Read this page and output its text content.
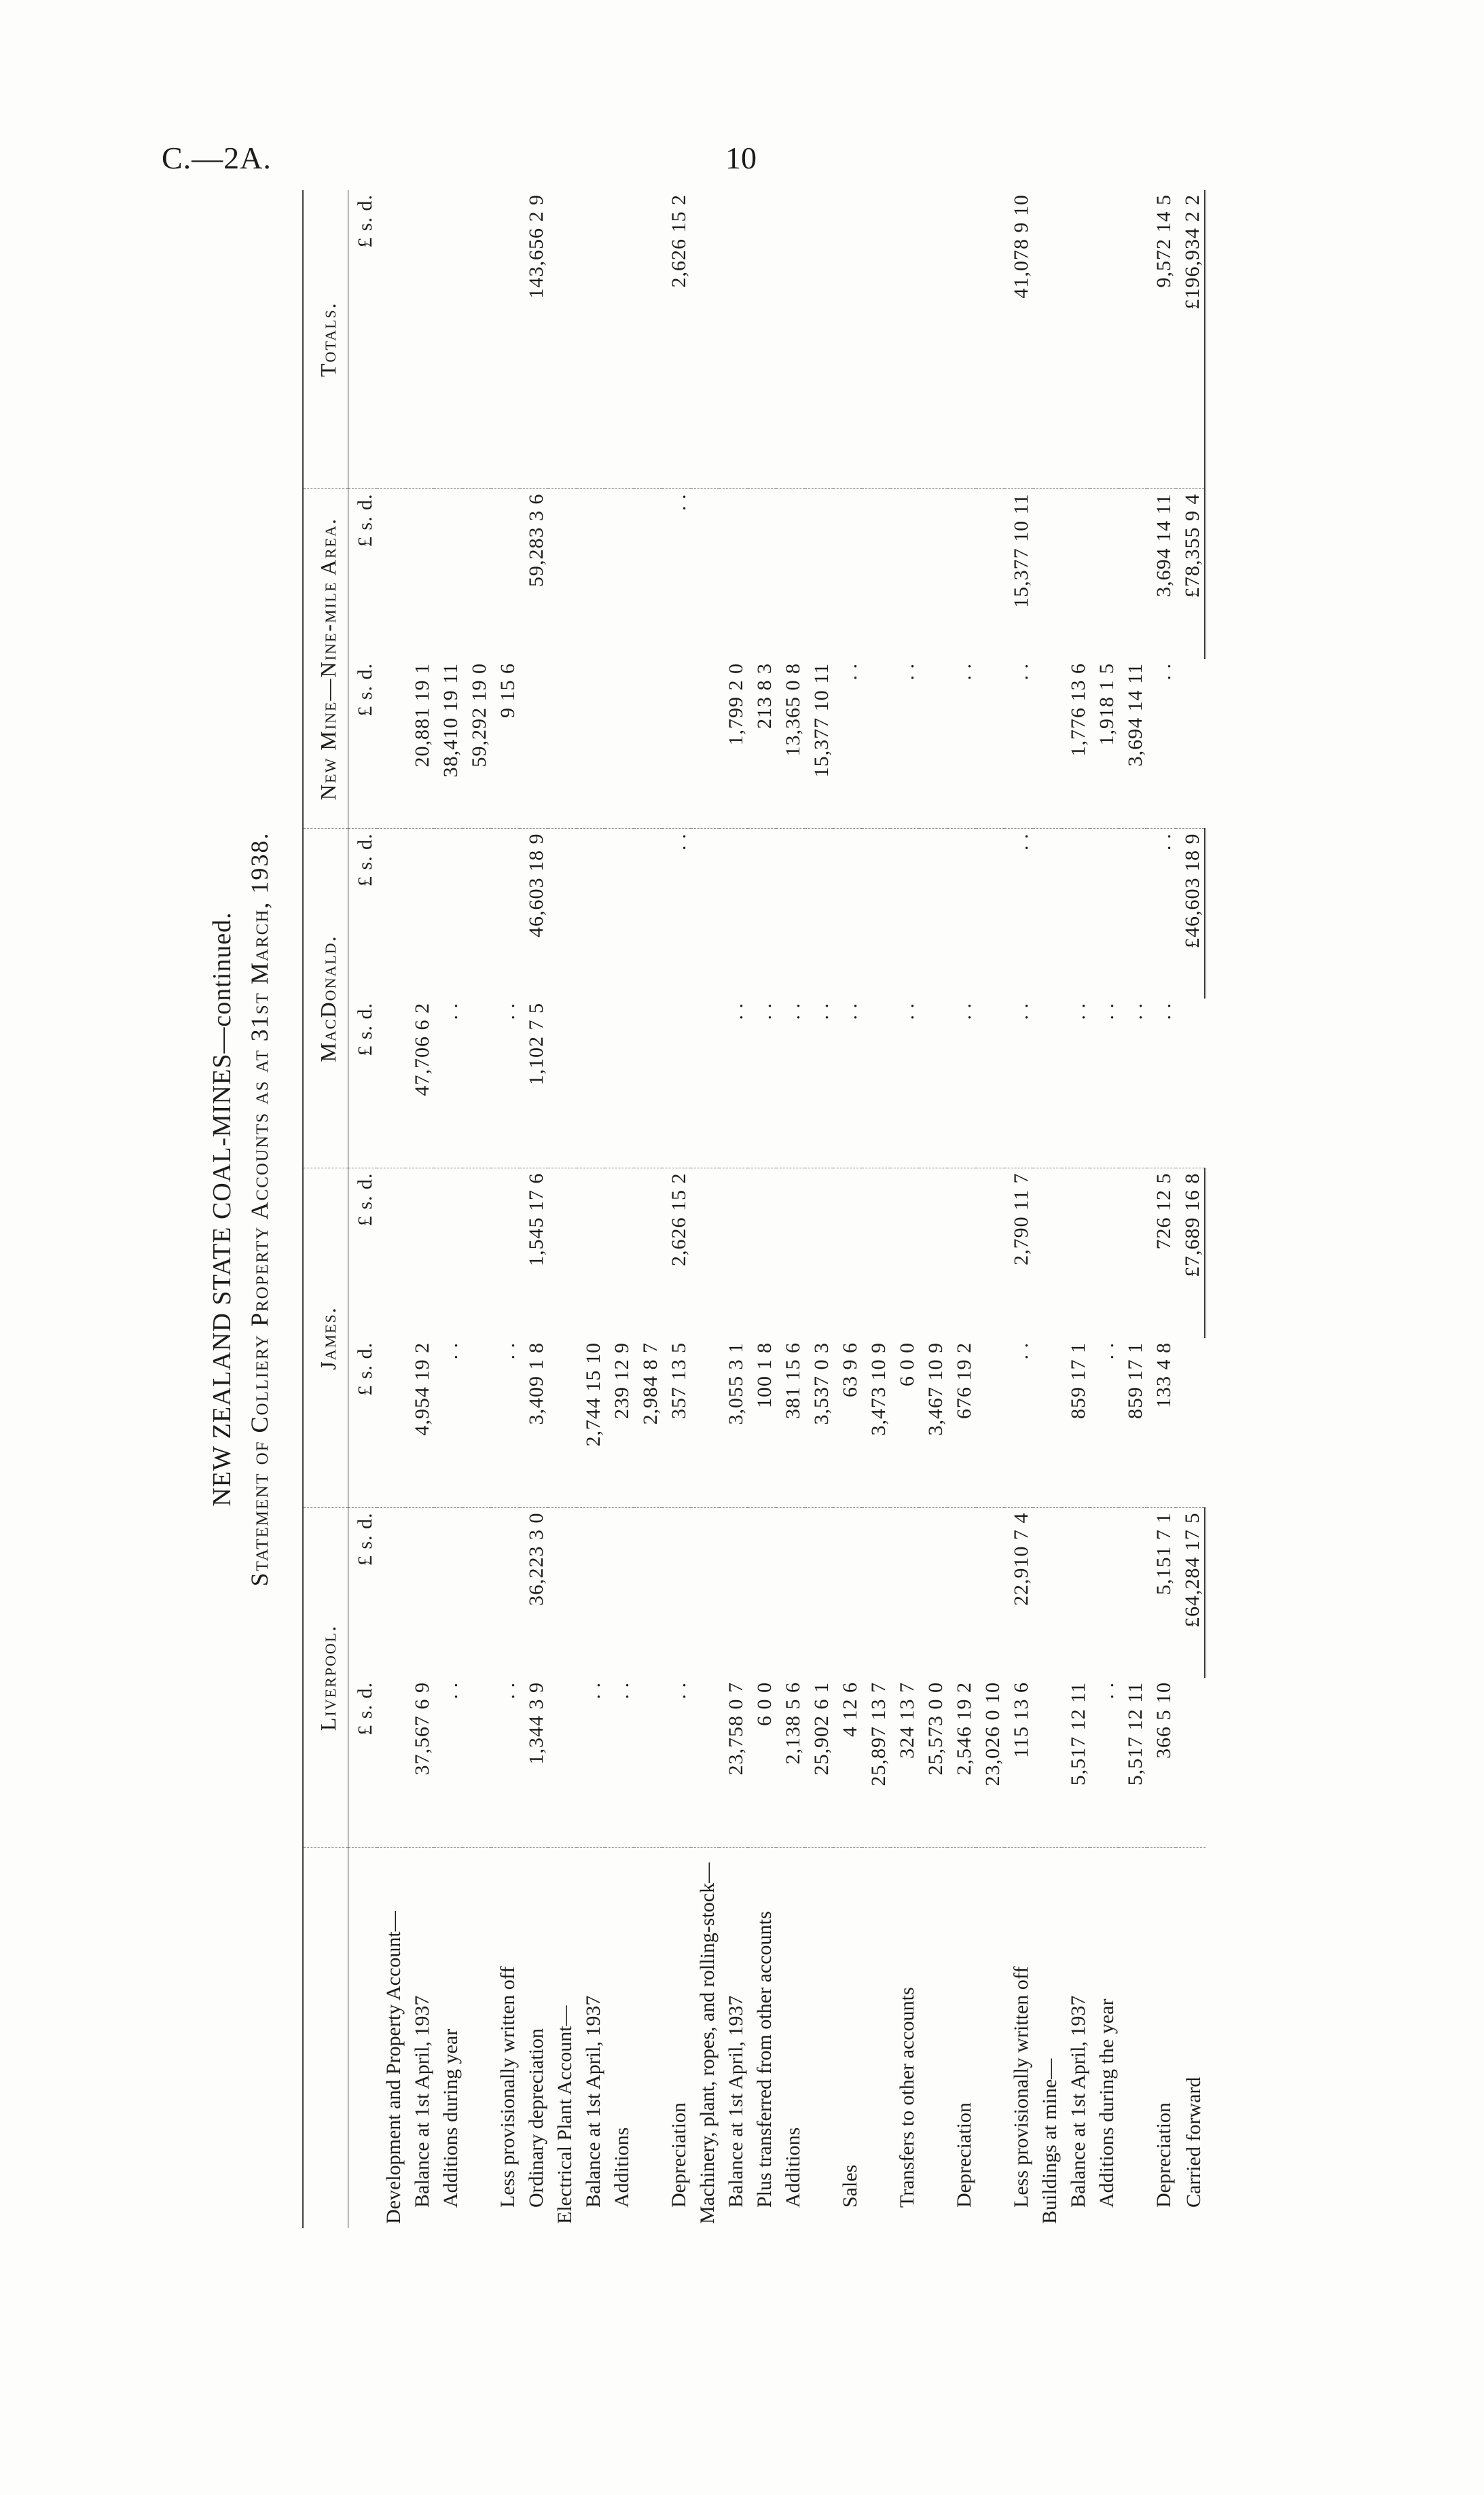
C.—2A.	10
NEW ZEALAND STATE COAL-MINES—continued. Statement of Colliery Property Accounts as at 31st March, 1938.
	Liverpool.		James.		MacDonald.		New Mine—Nine-mile Area.		Totals.
	£ s. d.	£ s. d.	£ s. d.	£ s. d.	£ s. d.	£ s. d.	£ s. d.	£ s. d.	£ s. d.
Development and Property Account—									
Balance at 1st April, 1937	37,567 6 9		4,954 19 2		47,706 6 2		20,881 19 1		
Additions during year	. .		. .		. .		38,410 19 11		
							59,292 19 0		
Less provisionally written off	. .		. .		. .		9 15 6		
Ordinary depreciation	1,344 3 9	36,223 3 0	3,409 1 8	1,545 17 6	1,102 7 5	46,603 18 9		59,283 3 6	143,656 2 9
Electrical Plant Account—									
Balance at 1st April, 1937	. .		2,744 15 10						
Additions	. .		239 12 9						
			2,984 8 7						
Depreciation	. .		357 13 5	2,626 15 2		. .		. .	2,626 15 2
Machinery, plant, ropes, and rolling-stock—									
Balance at 1st April, 1937	23,758 0 7		3,055 3 1		. .		1,799 2 0		
Plus transferred from other accounts	6 0 0		100 1 8		. .		213 8 3		
Additions	2,138 5 6		381 15 6		. .		13,365 0 8		
	25,902 6 1		3,537 0 3		. .		15,377 10 11		
Sales	4 12 6		63 9 6		. .		. .		
	25,897 13 7		3,473 10 9						
Transfers to other accounts	324 13 7		6 0 0		. .		. .		
	25,573 0 0		3,467 10 9						
Depreciation	2,546 19 2		676 19 2		. .		. .		
	23,026 0 10								
Less provisionally written off	115 13 6	22,910 7 4	. .	2,790 11 7	. .	. .	. .	15,377 10 11	41,078 9 10
Buildings at mine—									
Balance at 1st April, 1937	5,517 12 11		859 17 1		. .		1,776 13 6		
Additions during the year	. .		. .		. .		1,918 1 5		
	5,517 12 11		859 17 1		. .		3,694 14 11		
Depreciation	366 5 10	5,151 7 1	133 4 8	726 12 5	. .	. .	. .	3,694 14 11	9,572 14 5
Carried forward		£64,284 17 5		£7,689 16 8		£46,603 18 9		£78,355 9 4	£196,934 2 2
